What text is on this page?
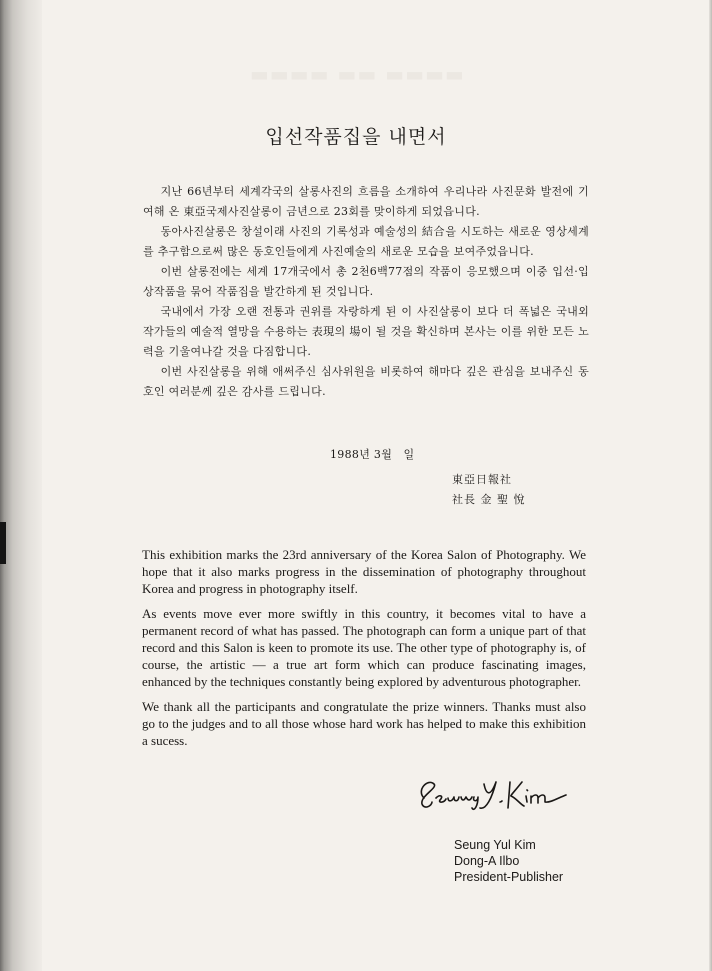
▬▬▬▬ ▬▬ ▬▬▬▬
입선작품집을 내면서

지난 66년부터 세계각국의 살롱사진의 흐름을 소개하여 우리나라 사진문화 발전에 기여해 온 東亞국제사진살롱이 금년으로 23회를 맞이하게 되었읍니다.

동아사진살롱은 창설이래 사진의 기록성과 예술성의 結合을 시도하는 새로운 영상세계를 추구함으로써 많은 동호인들에게 사진예술의 새로운 모습을 보여주었읍니다.

이번 살롱전에는 세계 17개국에서 총 2천6백77점의 작품이 응모했으며 이중 입선·입상작품을 묶어 작품집을 발간하게 된 것입니다.

국내에서 가장 오랜 전통과 권위를 자랑하게 된 이 사진살롱이 보다 더 폭넓은 국내외 작가들의 예술적 열망을 수용하는 表現의 場이 될 것을 확신하며 본사는 이를 위한 모든 노력을 기울여나갈 것을 다짐합니다.

이번 사진살롱을 위해 애써주신 심사위원을 비롯하여 해마다 깊은 관심을 보내주신 동호인 여러분께 깊은 감사를 드립니다.

1988년 3월   일

東亞日報社
社長 金 聖 悅

This exhibition marks the 23rd anniversary of the Korea Salon of Photography. We hope that it also marks progress in the dissemination of photography throughout Korea and progress in photography itself.

As events move ever more swiftly in this country, it becomes vital to have a permanent record of what has passed. The photograph can form a unique part of that record and this Salon is keen to promote its use. The other type of photography is, of course, the artistic — a true art form which can produce fascinating images, enhanced by the techniques constantly being explored by adventurous photographer.

We thank all the participants and congratulate the prize winners. Thanks must also go to the judges and to all those whose hard work has helped to make this exhibition a sucess.

Seung Yul Kim
Dong-A Ilbo
President-Publisher
